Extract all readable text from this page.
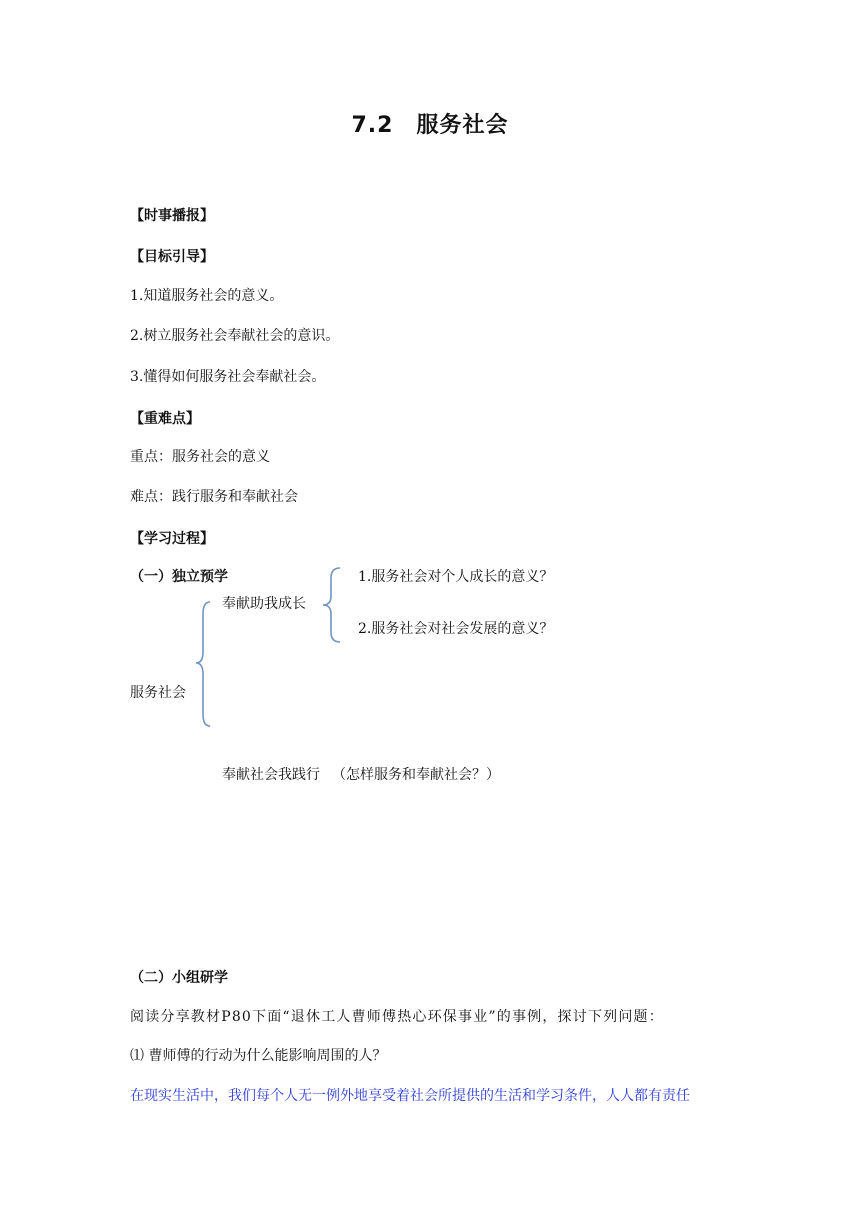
7.2　服务社会
【时事播报】
【目标引导】
1.知道服务社会的意义。
2.树立服务社会奉献社会的意识。
3.懂得如何服务社会奉献社会。
【重难点】
重点：服务社会的意义
难点：践行服务和奉献社会
【学习过程】
（一）独立预学
奉献助我成长
1.服务社会对个人成长的意义？
2.服务社会对社会发展的意义？
服务社会
奉献社会我践行 （怎样服务和奉献社会？）
（二）小组研学
阅读分享教材P80下面“退休工人曹师傅热心环保事业”的事例，探讨下列问题：
⑴ 曹师傅的行动为什么能影响周围的人？
在现实生活中，我们每个人无一例外地享受着社会所提供的生活和学习条件，人人都有责任
